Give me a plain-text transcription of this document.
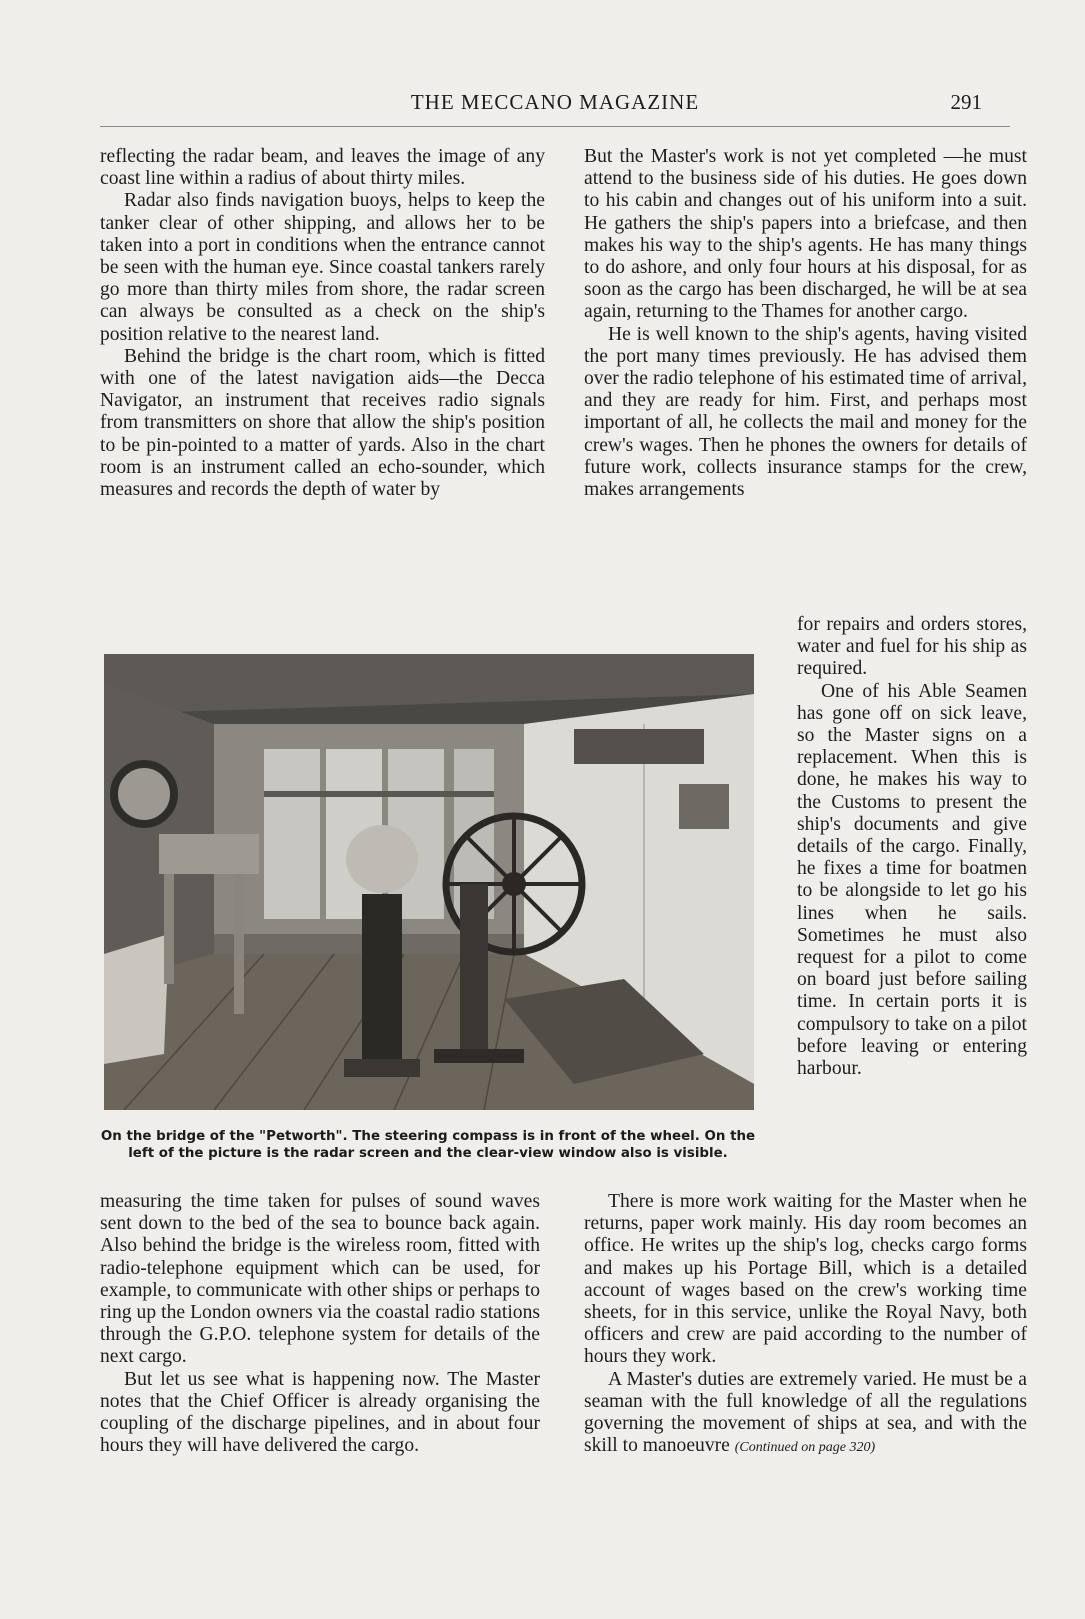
THE MECCANO MAGAZINE	291

reflecting the radar beam, and leaves the image of any coast line within a radius of about thirty miles.

Radar also finds navigation buoys, helps to keep the tanker clear of other shipping, and allows her to be taken into a port in conditions when the entrance cannot be seen with the human eye. Since coastal tankers rarely go more than thirty miles from shore, the radar screen can always be consulted as a check on the ship's position relative to the nearest land.

Behind the bridge is the chart room, which is fitted with one of the latest navigation aids—the Decca Navigator, an instrument that receives radio signals from transmitters on shore that allow the ship's position to be pin-pointed to a matter of yards. Also in the chart room is an instrument called an echo-sounder, which measures and records the depth of water by

But the Master's work is not yet completed —he must attend to the business side of his duties. He goes down to his cabin and changes out of his uniform into a suit. He gathers the ship's papers into a briefcase, and then makes his way to the ship's agents. He has many things to do ashore, and only four hours at his disposal, for as soon as the cargo has been discharged, he will be at sea again, returning to the Thames for another cargo.

He is well known to the ship's agents, having visited the port many times previously. He has advised them over the radio telephone of his estimated time of arrival, and they are ready for him. First, and perhaps most important of all, he collects the mail and money for the crew's wages. Then he phones the owners for details of future work, collects insurance stamps for the crew, makes arrangements

for repairs and orders stores, water and fuel for his ship as required.

One of his Able Seamen has gone off on sick leave, so the Master signs on a replacement. When this is done, he makes his way to the Customs to present the ship's documents and give details of the cargo. Finally, he fixes a time for boatmen to be alongside to let go his lines when he sails. Sometimes he must also request for a pilot to come on board just before sailing time. In certain ports it is compulsory to take on a pilot before leaving or entering harbour.

On the bridge of the "Petworth". The steering compass is in front of the wheel. On the left of the picture is the radar screen and the clear-view window also is visible.

measuring the time taken for pulses of sound waves sent down to the bed of the sea to bounce back again. Also behind the bridge is the wireless room, fitted with radio-telephone equipment which can be used, for example, to communicate with other ships or perhaps to ring up the London owners via the coastal radio stations through the G.P.O. telephone system for details of the next cargo.

But let us see what is happening now. The Master notes that the Chief Officer is already organising the coupling of the discharge pipelines, and in about four hours they will have delivered the cargo.

There is more work waiting for the Master when he returns, paper work mainly. His day room becomes an office. He writes up the ship's log, checks cargo forms and makes up his Portage Bill, which is a detailed account of wages based on the crew's working time sheets, for in this service, unlike the Royal Navy, both officers and crew are paid according to the number of hours they work.

A Master's duties are extremely varied. He must be a seaman with the full knowledge of all the regulations governing the movement of ships at sea, and with the skill to manoeuvre (Continued on page 320)
